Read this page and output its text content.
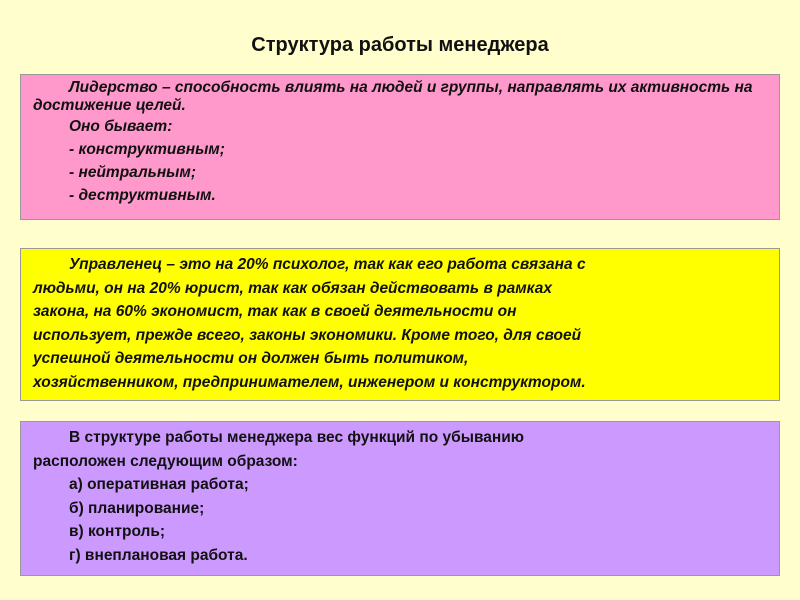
Структура работы менеджера

Лидерство – способность влиять на людей и группы, направлять их активность на достижение целей.

Оно бывает:

- конструктивным;

- нейтральным;

- деструктивным.

Управленец – это на 20% психолог, так как его работа связана с

людьми, он на 20% юрист, так как обязан действовать в рамках

закона, на 60% экономист, так как в своей деятельности он

использует, прежде всего, законы экономики. Кроме того, для своей

успешной деятельности он должен быть политиком,

хозяйственником, предпринимателем, инженером и конструктором.

В структуре работы менеджера вес функций по убыванию

расположен следующим образом:

а) оперативная работа;

б) планирование;

в) контроль;

г) внеплановая работа.
